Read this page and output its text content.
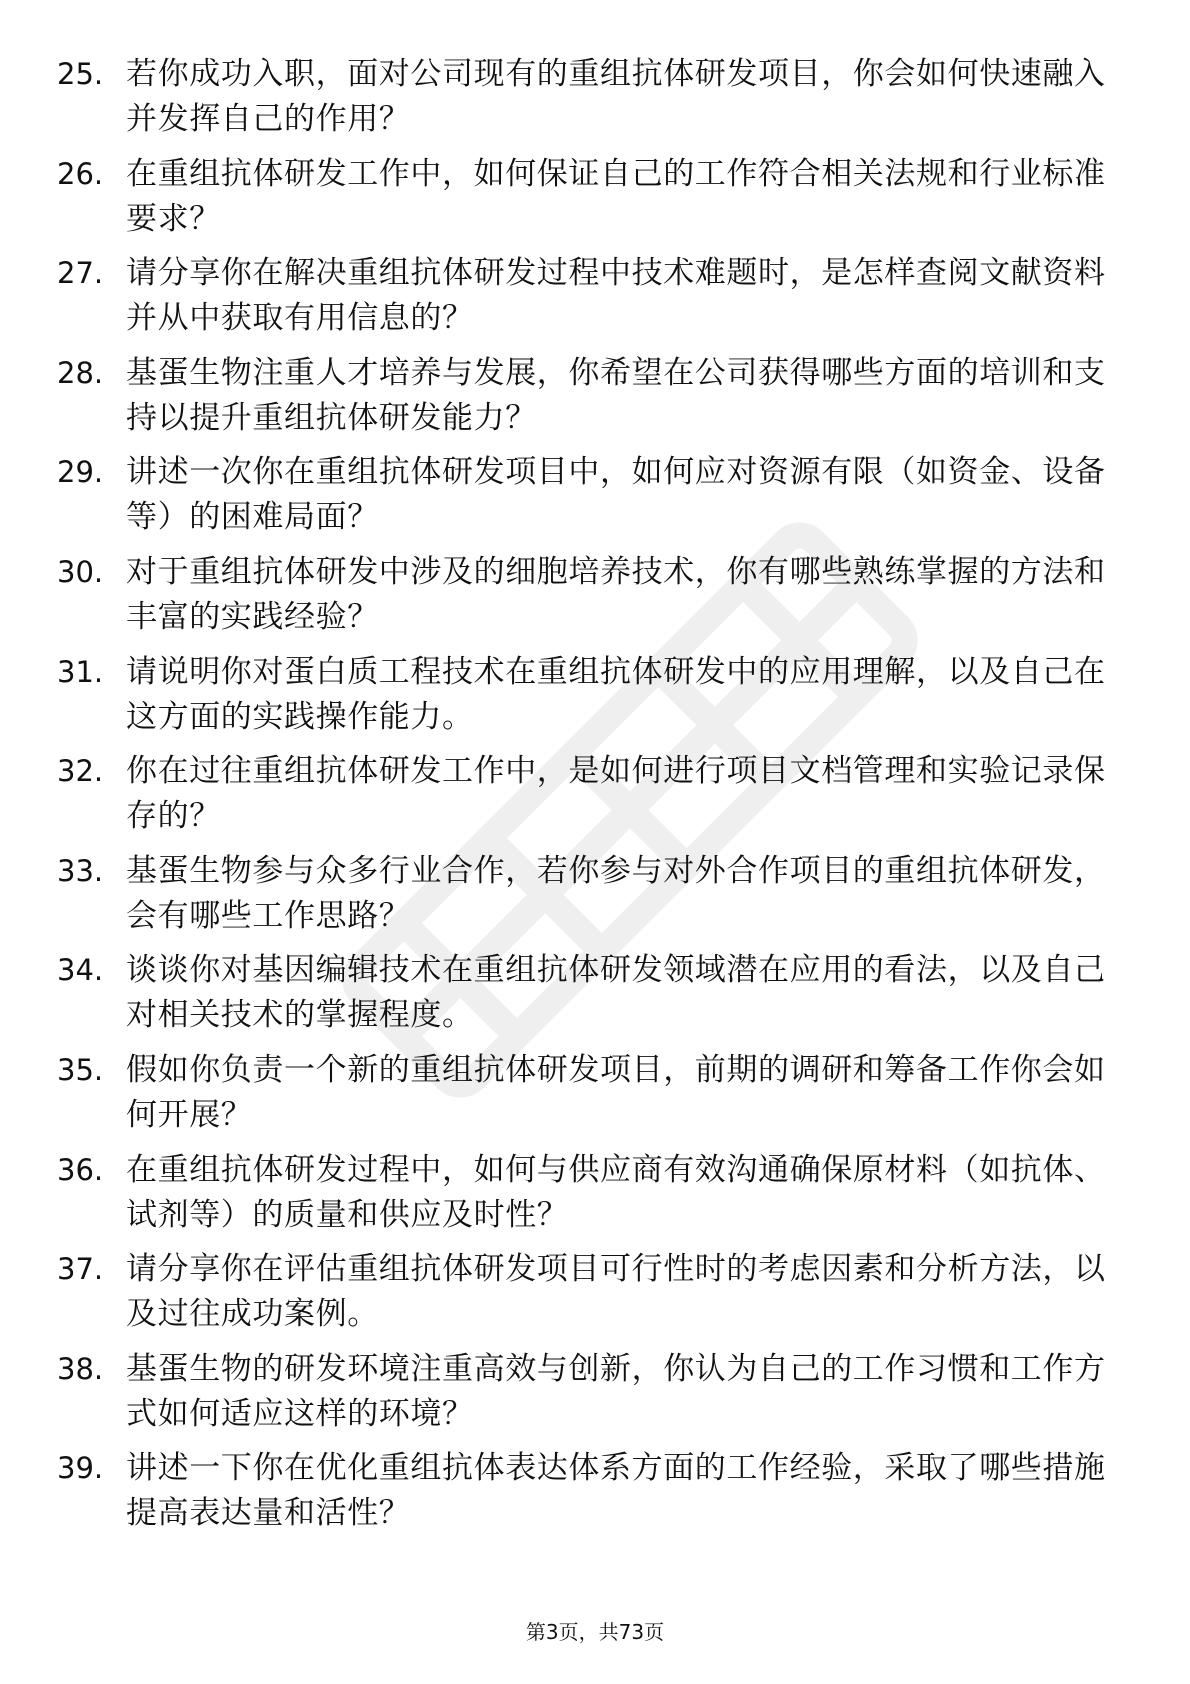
25. 若你成功入职，面对公司现有的重组抗体研发项目，你会如何快速融入并发挥自己的作用？
26. 在重组抗体研发工作中，如何保证自己的工作符合相关法规和行业标准要求？
27. 请分享你在解决重组抗体研发过程中技术难题时，是怎样查阅文献资料并从中获取有用信息的？
28. 基蛋生物注重人才培养与发展，你希望在公司获得哪些方面的培训和支持以提升重组抗体研发能力？
29. 讲述一次你在重组抗体研发项目中，如何应对资源有限（如资金、设备等）的困难局面？
30. 对于重组抗体研发中涉及的细胞培养技术，你有哪些熟练掌握的方法和丰富的实践经验？
31. 请说明你对蛋白质工程技术在重组抗体研发中的应用理解，以及自己在这方面的实践操作能力。
32. 你在过往重组抗体研发工作中，是如何进行项目文档管理和实验记录保存的？
33. 基蛋生物参与众多行业合作，若你参与对外合作项目的重组抗体研发，会有哪些工作思路？
34. 谈谈你对基因编辑技术在重组抗体研发领域潜在应用的看法，以及自己对相关技术的掌握程度。
35. 假如你负责一个新的重组抗体研发项目，前期的调研和筹备工作你会如何开展？
36. 在重组抗体研发过程中，如何与供应商有效沟通确保原材料（如抗体、试剂等）的质量和供应及时性？
37. 请分享你在评估重组抗体研发项目可行性时的考虑因素和分析方法，以及过往成功案例。
38. 基蛋生物的研发环境注重高效与创新，你认为自己的工作习惯和工作方式如何适应这样的环境？
39. 讲述一下你在优化重组抗体表达体系方面的工作经验，采取了哪些措施提高表达量和活性？
第3页，共73页
